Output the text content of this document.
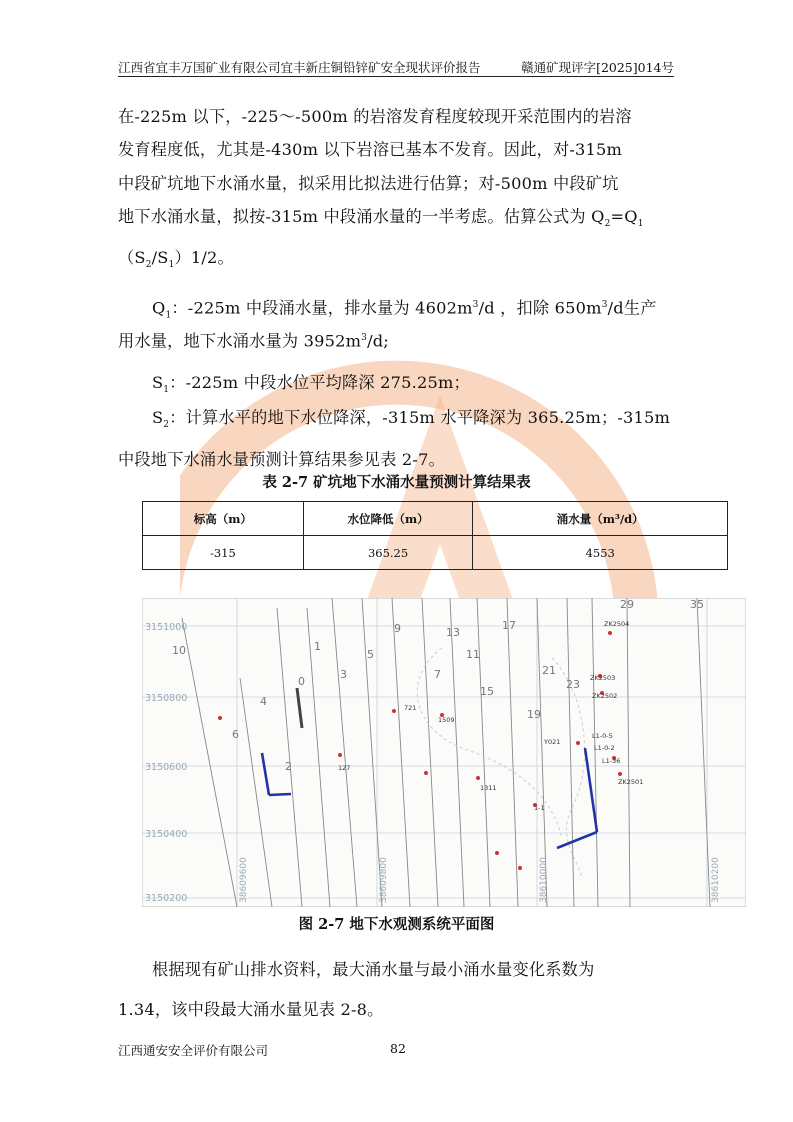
江西省宜丰万国矿业有限公司宜丰新庄铜铅锌矿安全现状评价报告	赣通矿现评字[2025]014号
在-225m 以下，-225～-500m 的岩溶发育程度较现开采范围内的岩溶
发育程度低，尤其是-430m 以下岩溶已基本不发育。因此，对-315m
中段矿坑地下水涌水量，拟采用比拟法进行估算；对-500m 中段矿坑
地下水涌水量，拟按-315m 中段涌水量的一半考虑。估算公式为 $Q_2=Q_1$
$(S_2/S_1)1/2$。
$Q_1$：-225m 中段涌水量，排水量为 $4602m^3/d$ ，扣除 $650m^3/d$生产
用水量，地下水涌水量为 $3952m^3/d$;
$S_1$：-225m 中段水位平均降深 275.25m；
$S_2$：计算水平的地下水位降深，-315m 水平降深为 365.25m；-315m
中段地下水涌水量预测计算结果参见表 2-7。
表 2-7 矿坑地下水涌水量预测计算结果表
标高（m）	水位降低（m）	涌水量（m³/d）
-315	365.25	4553
3151000
3150800
3150600
3150400
3150200	38609600	38609800	38610000	38610200
10
4
6
2
0
1
3
5
9
7
13
11
15
17
19
21
23
29	35
ZK2504
ZK2503
ZK2502
ZK2501
721
1509
1311
127
Y021
L1-0-5
L1-0-2
L1-36
1-1
图 2-7 地下水观测系统平面图
根据现有矿山排水资料，最大涌水量与最小涌水量变化系数为
1.34，该中段最大涌水量见表 2-8。
江西通安安全评价有限公司	82
